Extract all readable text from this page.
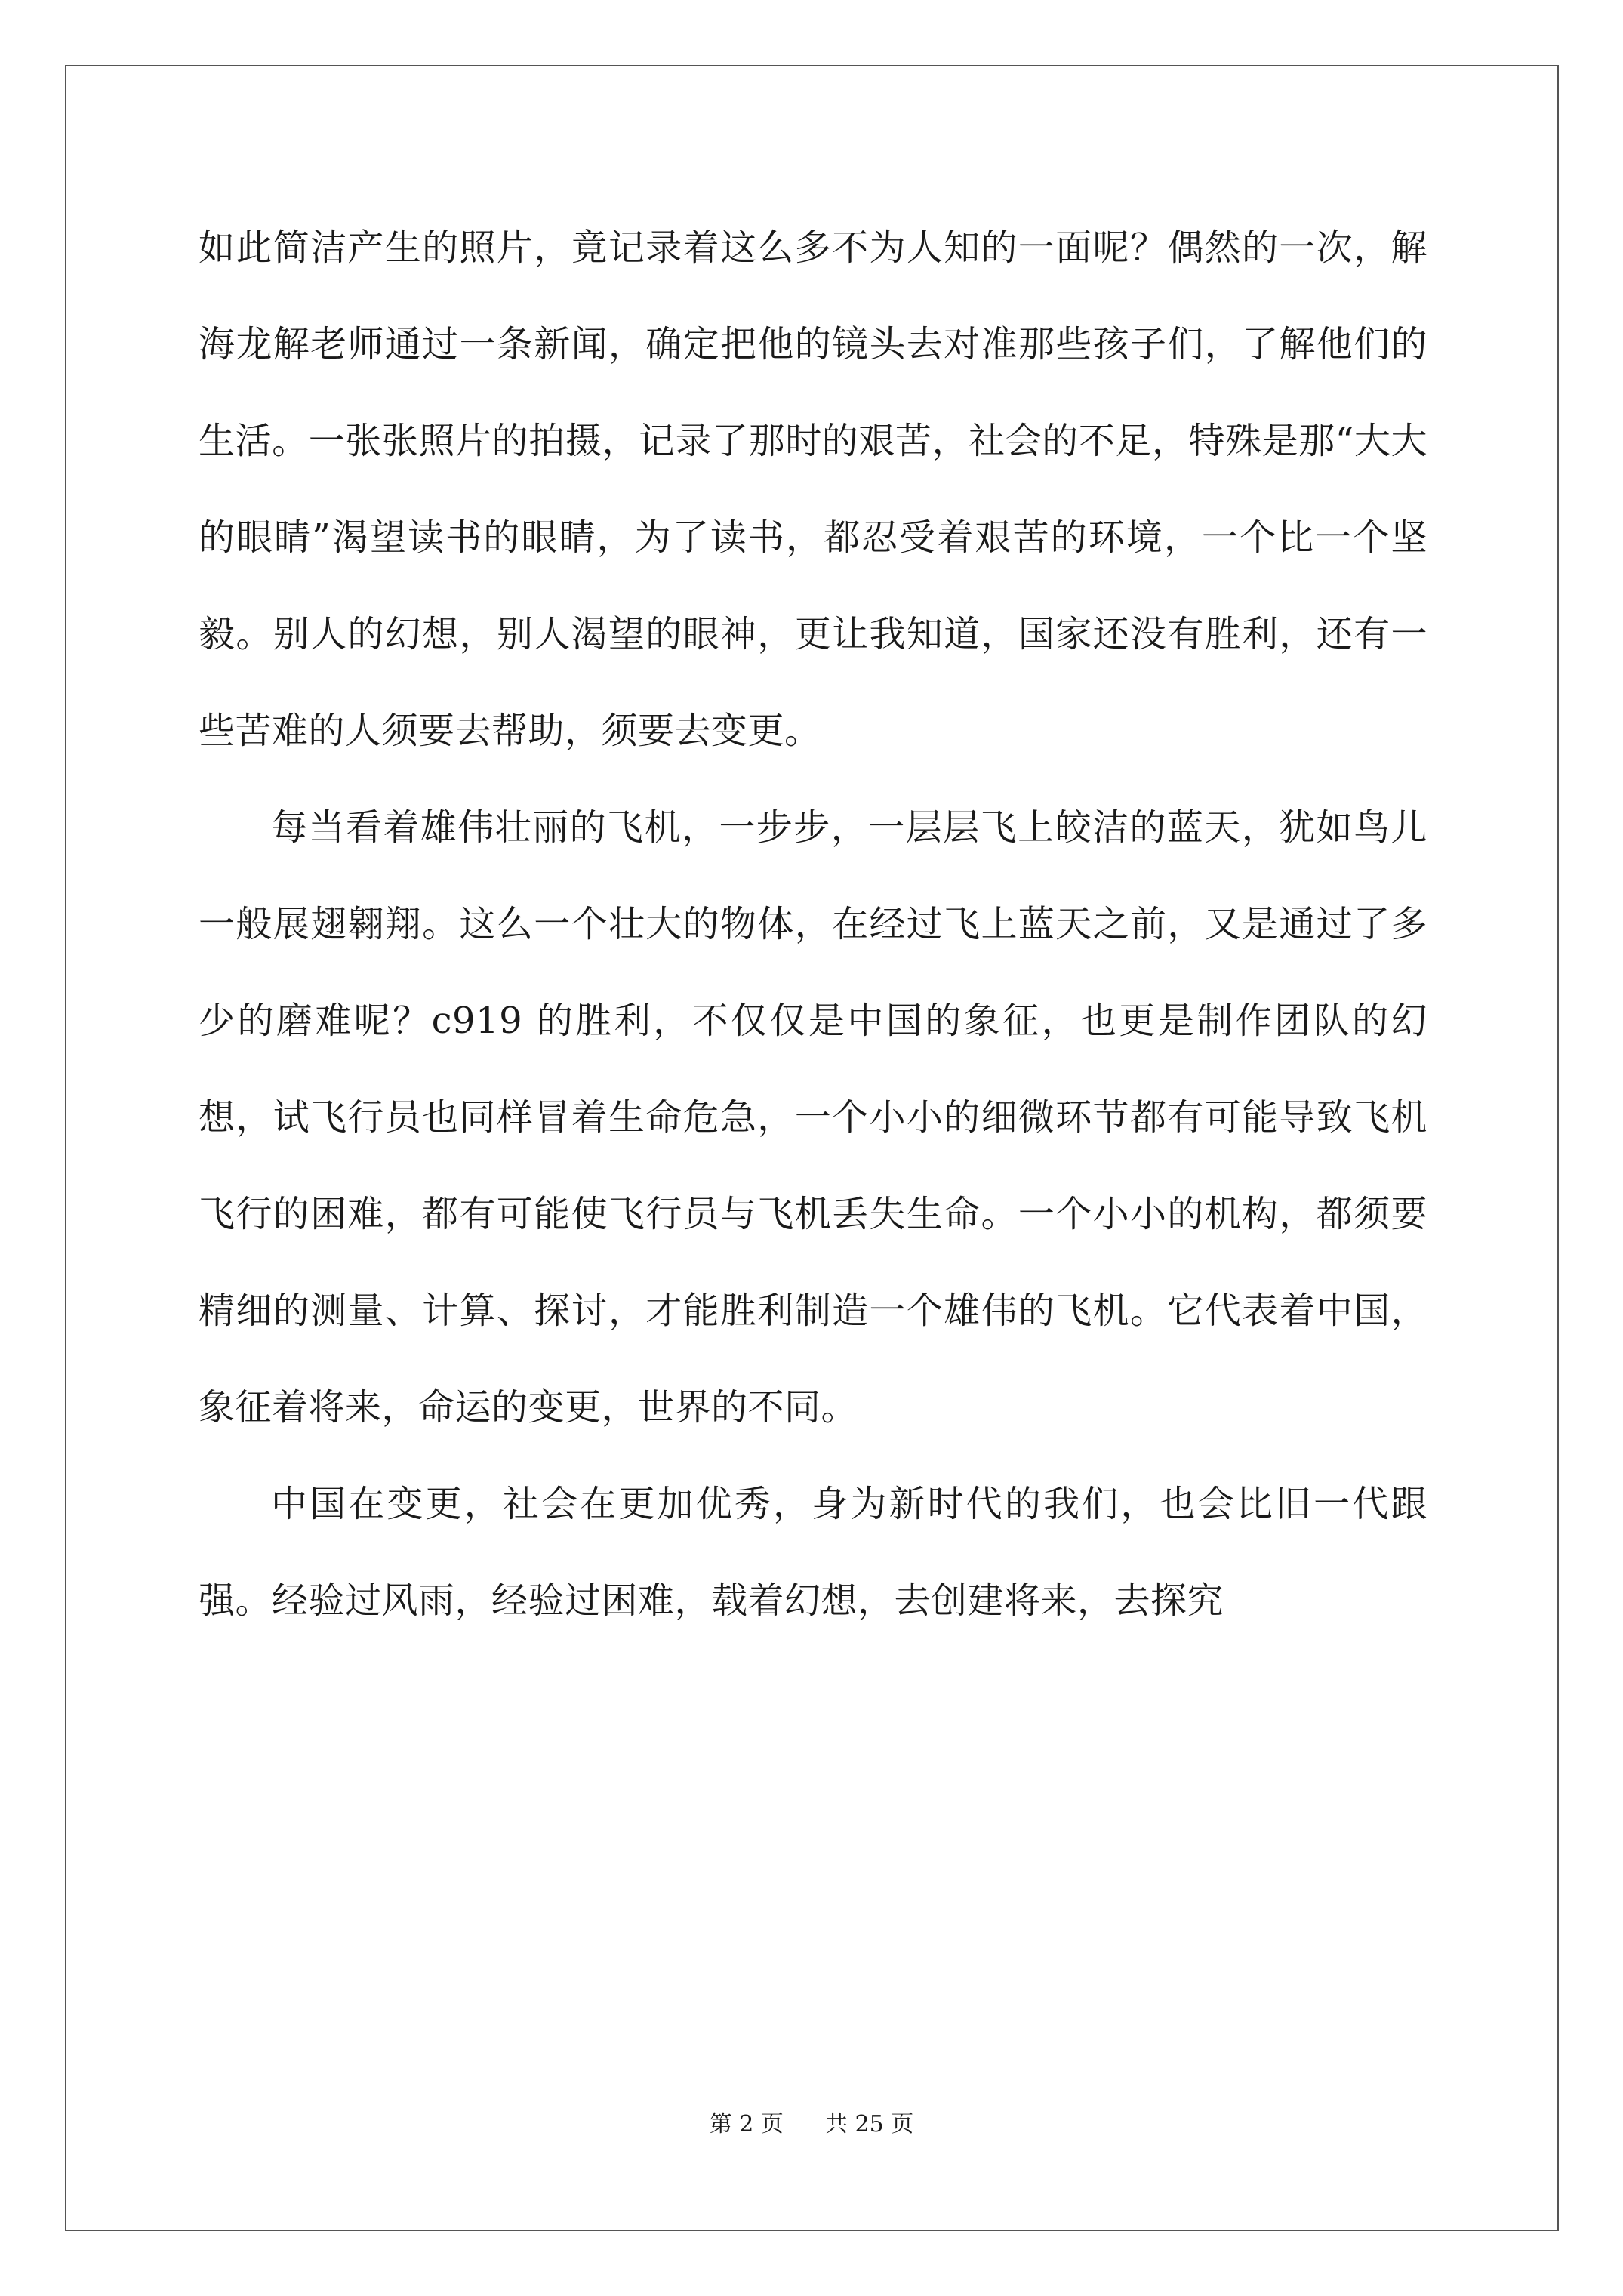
如此简洁产生的照片，竟记录着这么多不为人知的一面呢？偶然的一次，解海龙解老师通过一条新闻，确定把他的镜头去对准那些孩子们，了解他们的生活。一张张照片的拍摄，记录了那时的艰苦，社会的不足，特殊是那“大大的眼睛”渴望读书的眼睛，为了读书，都忍受着艰苦的环境，一个比一个坚毅。别人的幻想，别人渴望的眼神，更让我知道，国家还没有胜利，还有一些苦难的人须要去帮助，须要去变更。

每当看着雄伟壮丽的飞机，一步步，一层层飞上皎洁的蓝天，犹如鸟儿一般展翅翱翔。这么一个壮大的物体，在经过飞上蓝天之前，又是通过了多少的磨难呢？c919 的胜利，不仅仅是中国的象征，也更是制作团队的幻想，试飞行员也同样冒着生命危急，一个小小的细微环节都有可能导致飞机飞行的困难，都有可能使飞行员与飞机丢失生命。一个小小的机构，都须要精细的测量、计算、探讨，才能胜利制造一个雄伟的飞机。它代表着中国，象征着将来，命运的变更，世界的不同。

中国在变更，社会在更加优秀，身为新时代的我们，也会比旧一代跟强。经验过风雨，经验过困难，载着幻想，去创建将来，去探究

第 2 页 共 25 页
